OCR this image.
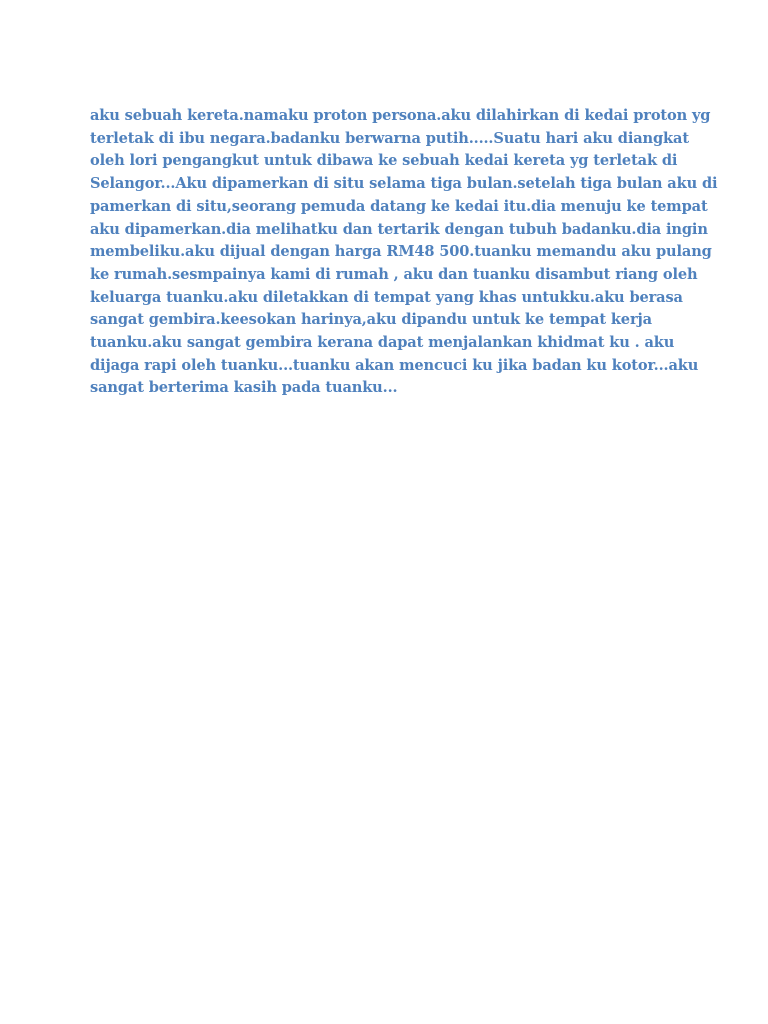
aku sebuah kereta.namaku proton persona.aku dilahirkan di kedai proton yg
terletak di ibu negara.badanku berwarna putih.....Suatu hari aku diangkat
oleh lori pengangkut untuk dibawa ke sebuah kedai kereta yg terletak di
Selangor...Aku dipamerkan di situ selama tiga bulan.setelah tiga bulan aku di
pamerkan di situ,seorang pemuda datang ke kedai itu.dia menuju ke tempat
aku dipamerkan.dia melihatku dan tertarik dengan tubuh badanku.dia ingin
membeliku.aku dijual dengan harga RM48 500.tuanku memandu aku pulang
ke rumah.sesmpainya kami di rumah , aku dan tuanku disambut riang oleh
keluarga tuanku.aku diletakkan di tempat yang khas untukku.aku berasa
sangat gembira.keesokan harinya,aku dipandu untuk ke tempat kerja
tuanku.aku sangat gembira kerana dapat menjalankan khidmat ku . aku
dijaga rapi oleh tuanku...tuanku akan mencuci ku jika badan ku kotor...aku
sangat berterima kasih pada tuanku...
